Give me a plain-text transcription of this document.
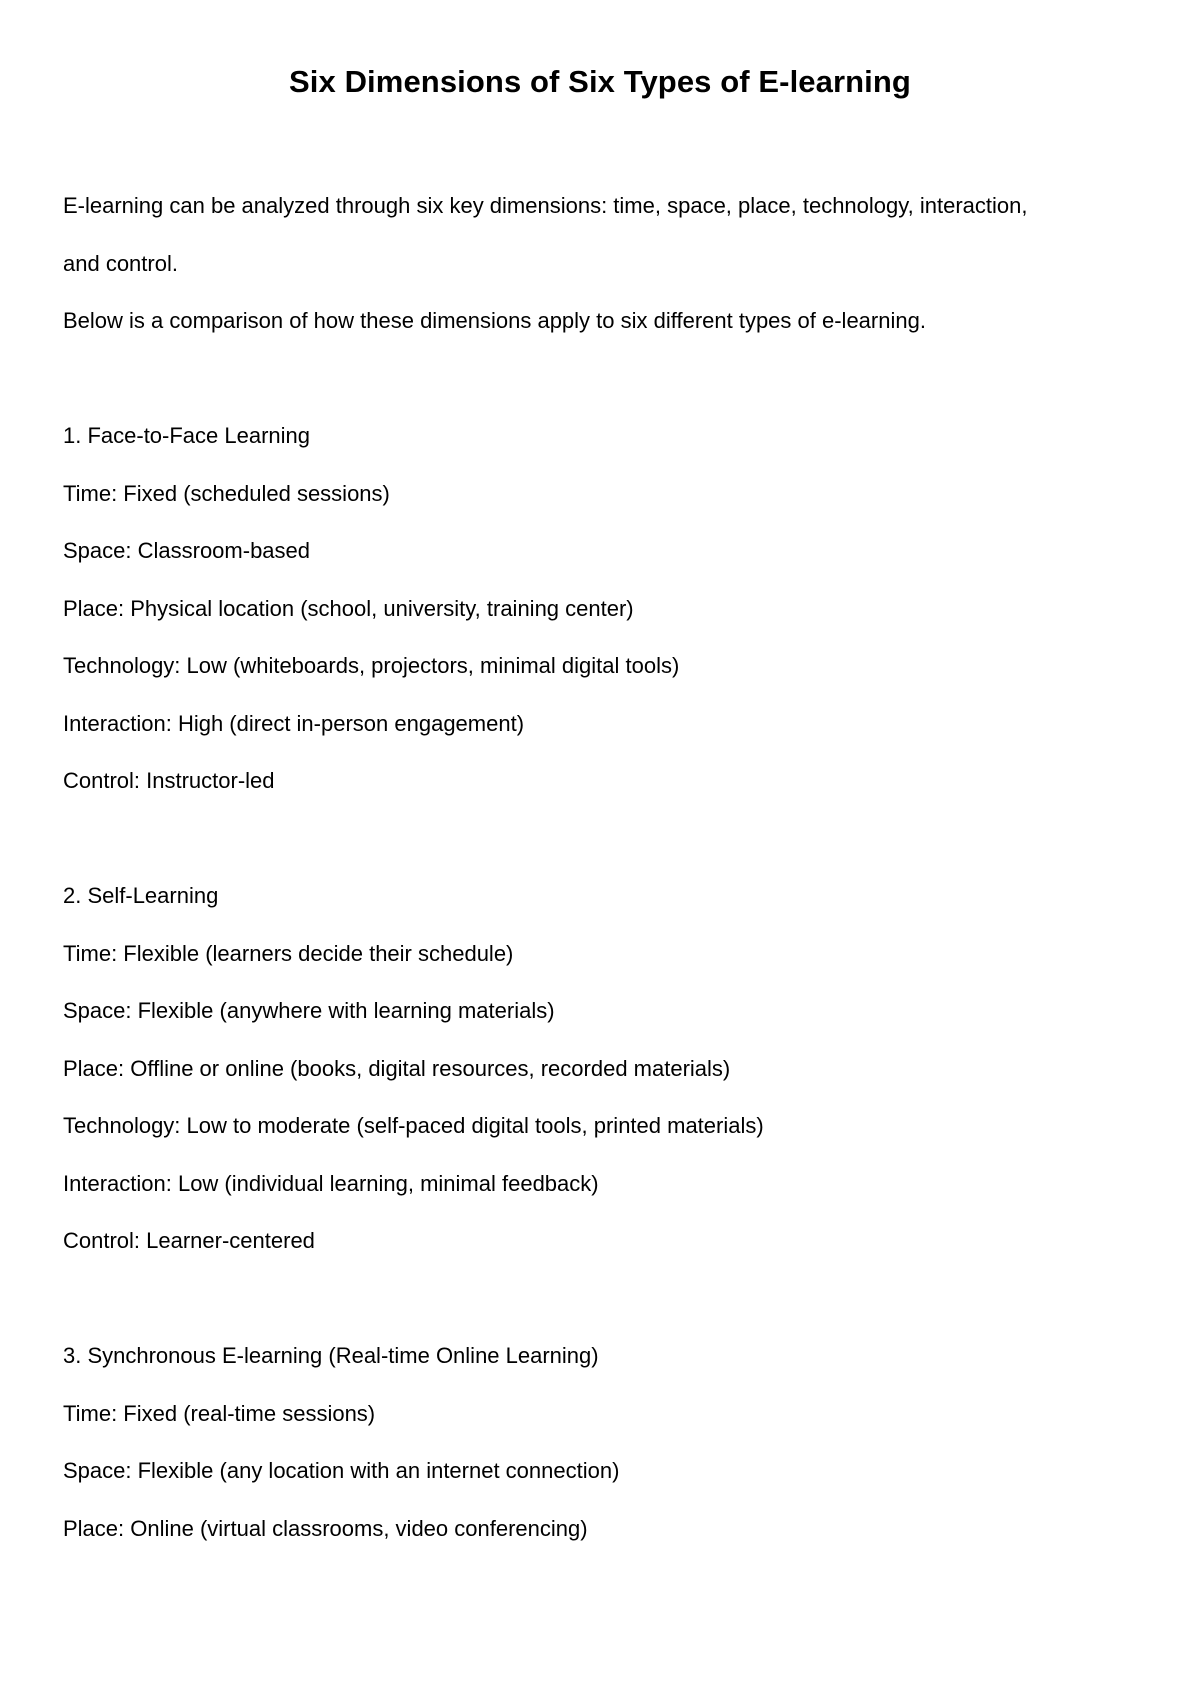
Six Dimensions of Six Types of E-learning
E-learning can be analyzed through six key dimensions: time, space, place, technology, interaction,
and control.
Below is a comparison of how these dimensions apply to six different types of e-learning.
1. Face-to-Face Learning
Time: Fixed (scheduled sessions)
Space: Classroom-based
Place: Physical location (school, university, training center)
Technology: Low (whiteboards, projectors, minimal digital tools)
Interaction: High (direct in-person engagement)
Control: Instructor-led
2. Self-Learning
Time: Flexible (learners decide their schedule)
Space: Flexible (anywhere with learning materials)
Place: Offline or online (books, digital resources, recorded materials)
Technology: Low to moderate (self-paced digital tools, printed materials)
Interaction: Low (individual learning, minimal feedback)
Control: Learner-centered
3. Synchronous E-learning (Real-time Online Learning)
Time: Fixed (real-time sessions)
Space: Flexible (any location with an internet connection)
Place: Online (virtual classrooms, video conferencing)
